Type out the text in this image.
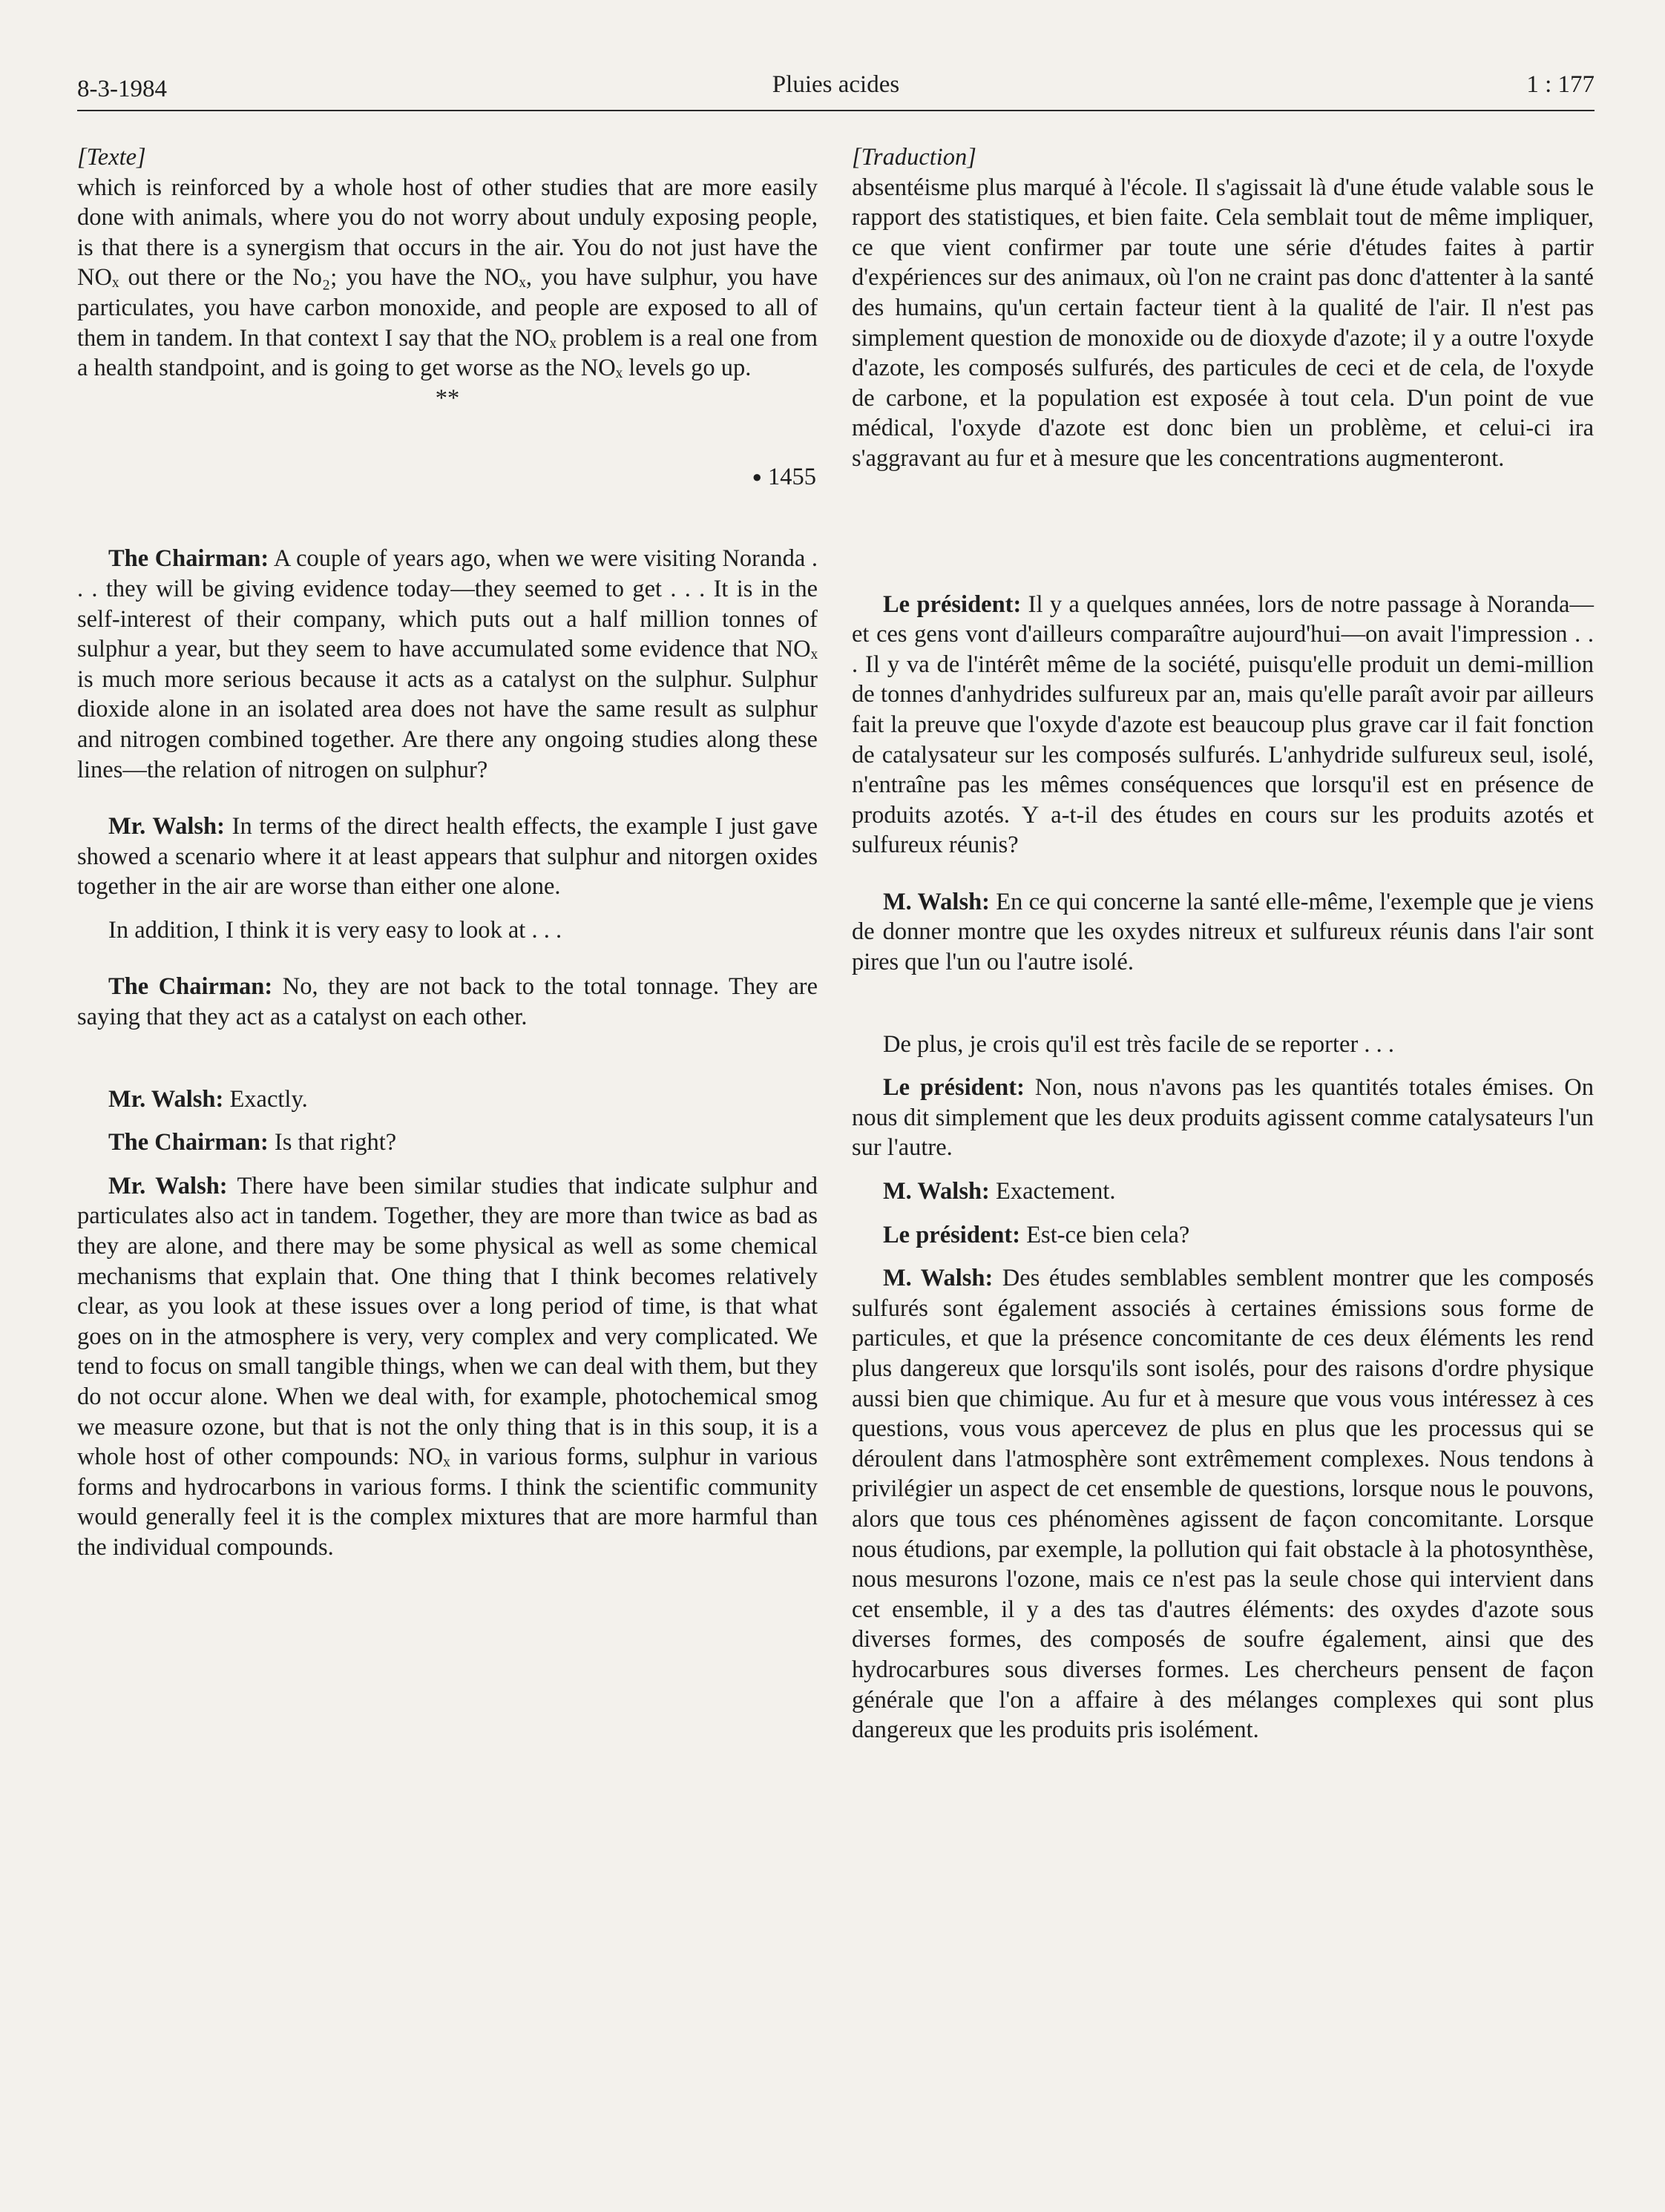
8-3-1984	Pluies acides	1 : 177

[Texte]

which is reinforced by a whole host of other studies that are more easily done with animals, where you do not worry about unduly exposing people, is that there is a synergism that occurs in the air. You do not just have the NOₓ out there or the No₂; you have the NOₓ, you have sulphur, you have particulates, you have carbon monoxide, and people are exposed to all of them in tandem. In that context I say that the NOₓ problem is a real one from a health standpoint, and is going to get worse as the NOₓ levels go up.

**

● 1455

The Chairman: A couple of years ago, when we were visiting Noranda . . . they will be giving evidence today—they seemed to get . . . It is in the self-interest of their company, which puts out a half million tonnes of sulphur a year, but they seem to have accumulated some evidence that NOₓ is much more serious because it acts as a catalyst on the sulphur. Sulphur dioxide alone in an isolated area does not have the same result as sulphur and nitrogen combined together. Are there any ongoing studies along these lines—the relation of nitrogen on sulphur?

Mr. Walsh: In terms of the direct health effects, the example I just gave showed a scenario where it at least appears that sulphur and nitorgen oxides together in the air are worse than either one alone.

In addition, I think it is very easy to look at . . .

The Chairman: No, they are not back to the total tonnage. They are saying that they act as a catalyst on each other.

Mr. Walsh: Exactly.

The Chairman: Is that right?

Mr. Walsh: There have been similar studies that indicate sulphur and particulates also act in tandem. Together, they are more than twice as bad as they are alone, and there may be some physical as well as some chemical mechanisms that explain that. One thing that I think becomes relatively clear, as you look at these issues over a long period of time, is that what goes on in the atmosphere is very, very complex and very complicated. We tend to focus on small tangible things, when we can deal with them, but they do not occur alone. When we deal with, for example, photochemical smog we measure ozone, but that is not the only thing that is in this soup, it is a whole host of other compounds: NOₓ in various forms, sulphur in various forms and hydrocarbons in various forms. I think the scientific community would generally feel it is the complex mixtures that are more harmful than the individual compounds.

[Traduction]

absentéisme plus marqué à l'école. Il s'agissait là d'une étude valable sous le rapport des statistiques, et bien faite. Cela semblait tout de même impliquer, ce que vient confirmer par toute une série d'études faites à partir d'expériences sur des animaux, où l'on ne craint pas donc d'attenter à la santé des humains, qu'un certain facteur tient à la qualité de l'air. Il n'est pas simplement question de monoxide ou de dioxyde d'azote; il y a outre l'oxyde d'azote, les composés sulfurés, des particules de ceci et de cela, de l'oxyde de carbone, et la population est exposée à tout cela. D'un point de vue médical, l'oxyde d'azote est donc bien un problème, et celui-ci ira s'aggravant au fur et à mesure que les concentrations augmenteront.

Le président: Il y a quelques années, lors de notre passage à Noranda—et ces gens vont d'ailleurs comparaître aujourd'hui—on avait l'impression . . . Il y va de l'intérêt même de la société, puisqu'elle produit un demi-million de tonnes d'anhydrides sulfureux par an, mais qu'elle paraît avoir par ailleurs fait la preuve que l'oxyde d'azote est beaucoup plus grave car il fait fonction de catalysateur sur les composés sulfurés. L'anhydride sulfureux seul, isolé, n'entraîne pas les mêmes conséquences que lorsqu'il est en présence de produits azotés. Y a-t-il des études en cours sur les produits azotés et sulfureux réunis?

M. Walsh: En ce qui concerne la santé elle-même, l'exemple que je viens de donner montre que les oxydes nitreux et sulfureux réunis dans l'air sont pires que l'un ou l'autre isolé.

De plus, je crois qu'il est très facile de se reporter . . .

Le président: Non, nous n'avons pas les quantités totales émises. On nous dit simplement que les deux produits agissent comme catalysateurs l'un sur l'autre.

M. Walsh: Exactement.

Le président: Est-ce bien cela?

M. Walsh: Des études semblables semblent montrer que les composés sulfurés sont également associés à certaines émissions sous forme de particules, et que la présence concomitante de ces deux éléments les rend plus dangereux que lorsqu'ils sont isolés, pour des raisons d'ordre physique aussi bien que chimique. Au fur et à mesure que vous vous intéressez à ces questions, vous vous apercevez de plus en plus que les processus qui se déroulent dans l'atmosphère sont extrêmement complexes. Nous tendons à privilégier un aspect de cet ensemble de questions, lorsque nous le pouvons, alors que tous ces phénomènes agissent de façon concomitante. Lorsque nous étudions, par exemple, la pollution qui fait obstacle à la photosynthèse, nous mesurons l'ozone, mais ce n'est pas la seule chose qui intervient dans cet ensemble, il y a des tas d'autres éléments: des oxydes d'azote sous diverses formes, des composés de soufre également, ainsi que des hydrocarbures sous diverses formes. Les chercheurs pensent de façon générale que l'on a affaire à des mélanges complexes qui sont plus dangereux que les produits pris isolément.
